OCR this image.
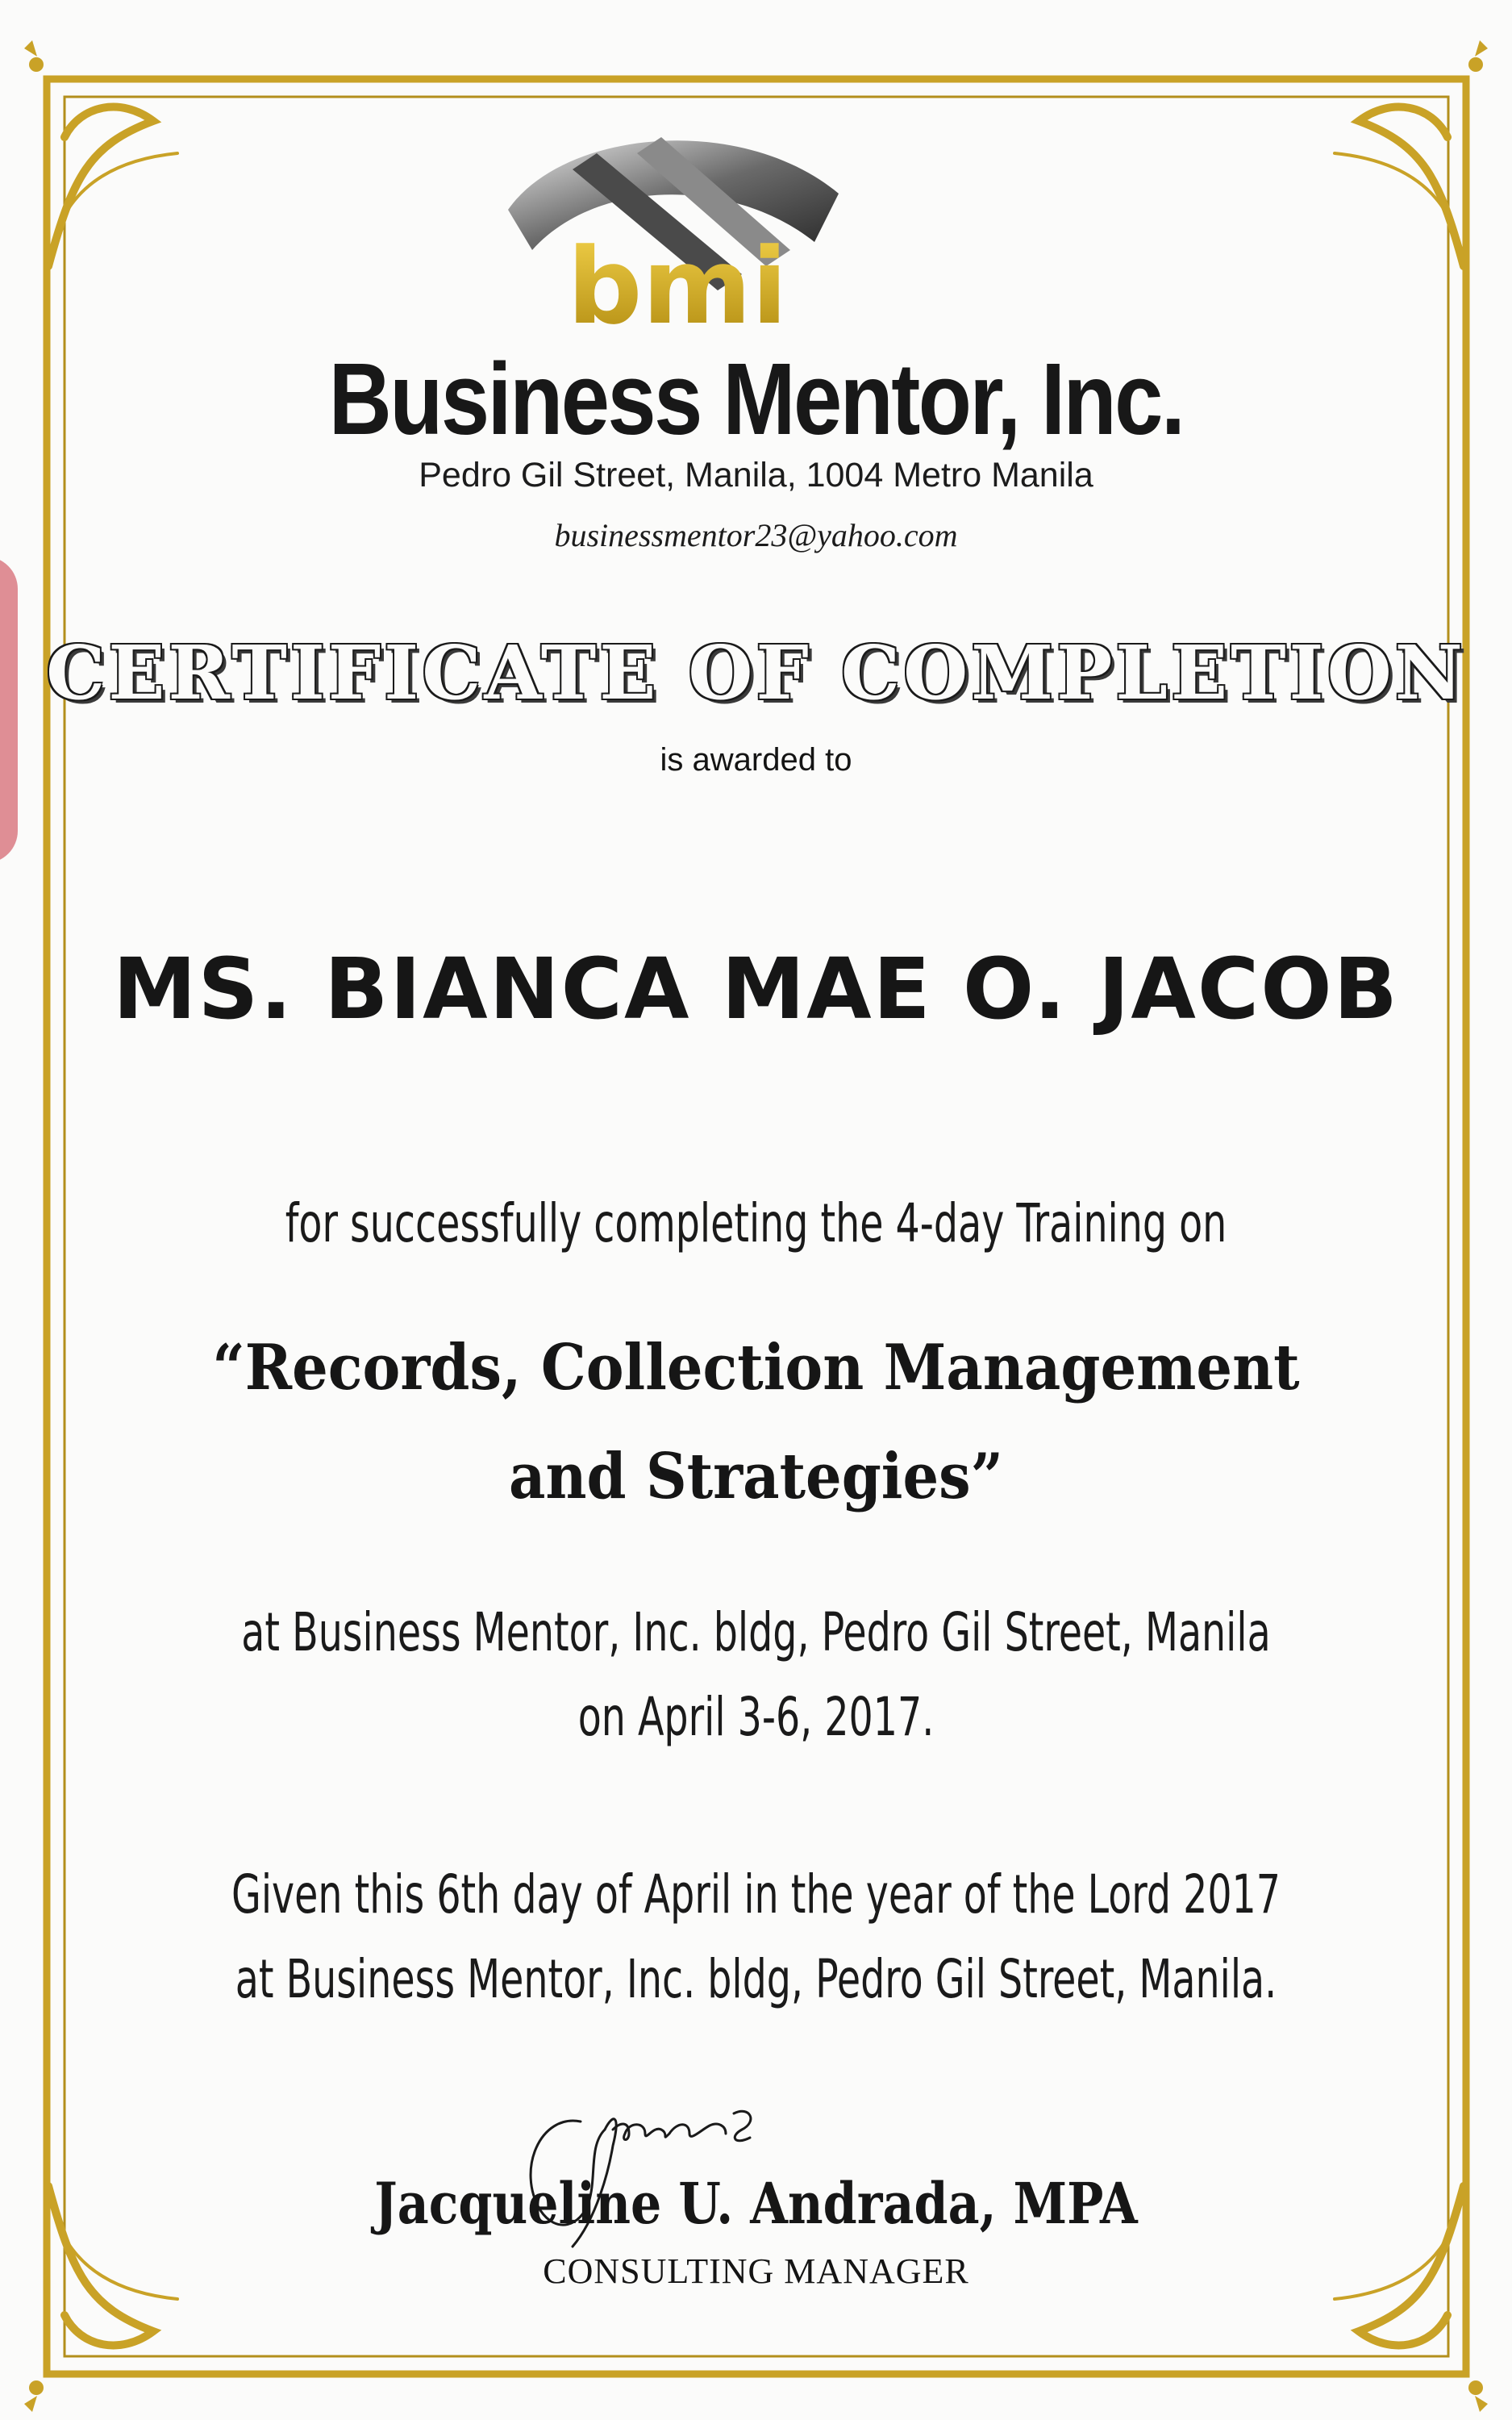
bmi
Business Mentor, Inc.
Pedro Gil Street, Manila, 1004 Metro Manila
businessmentor23@yahoo.com
CERTIFICATE OF COMPLETION
is awarded to
MS. BIANCA MAE O. JACOB
for successfully completing the 4-day Training on
“Records, Collection Management
and Strategies”
at Business Mentor, Inc. bldg, Pedro Gil Street, Manila
on April 3-6, 2017.
Given this 6th day of April in the year of the Lord 2017
at Business Mentor, Inc. bldg, Pedro Gil Street, Manila.
Jacqueline U. Andrada, MPA
CONSULTING MANAGER
